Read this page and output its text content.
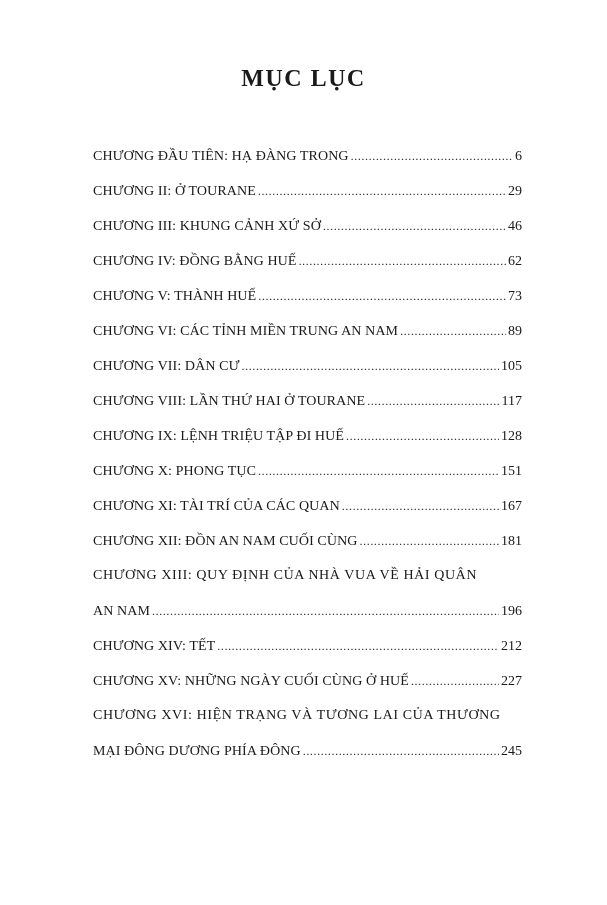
MỤC LỤC
CHƯƠNG ĐẦU TIÊN: HẠ ĐÀNG TRONG .....	6
CHƯƠNG II: Ở TOURANE .....	29
CHƯƠNG III: KHUNG CẢNH XỨ SỞ .....	46
CHƯƠNG IV: ĐỒNG BẰNG HUẾ .....	62
CHƯƠNG V: THÀNH HUẾ .....	73
CHƯƠNG VI: CÁC TỈNH MIỀN TRUNG AN NAM .....	89
CHƯƠNG VII: DÂN CƯ .....	105
CHƯƠNG VIII: LẦN THỨ HAI Ở TOURANE .....	117
CHƯƠNG IX: LỆNH TRIỆU TẬP ĐI HUẾ .....	128
CHƯƠNG X: PHONG TỤC .....	151
CHƯƠNG XI: TÀI TRÍ CỦA CÁC QUAN .....	167
CHƯƠNG XII: ĐỒN AN NAM CUỐI CÙNG .....	181
CHƯƠNG XIII: QUY ĐỊNH CỦA NHÀ VUA VỀ HẢI QUÂN
AN NAM .....	196
CHƯƠNG XIV: TẾT .....	212
CHƯƠNG XV: NHỮNG NGÀY CUỐI CÙNG Ở HUẾ .....	227
CHƯƠNG XVI: HIỆN TRẠNG VÀ TƯƠNG LAI CỦA THƯƠNG
MẠI ĐÔNG DƯƠNG PHÍA ĐÔNG .....	245
